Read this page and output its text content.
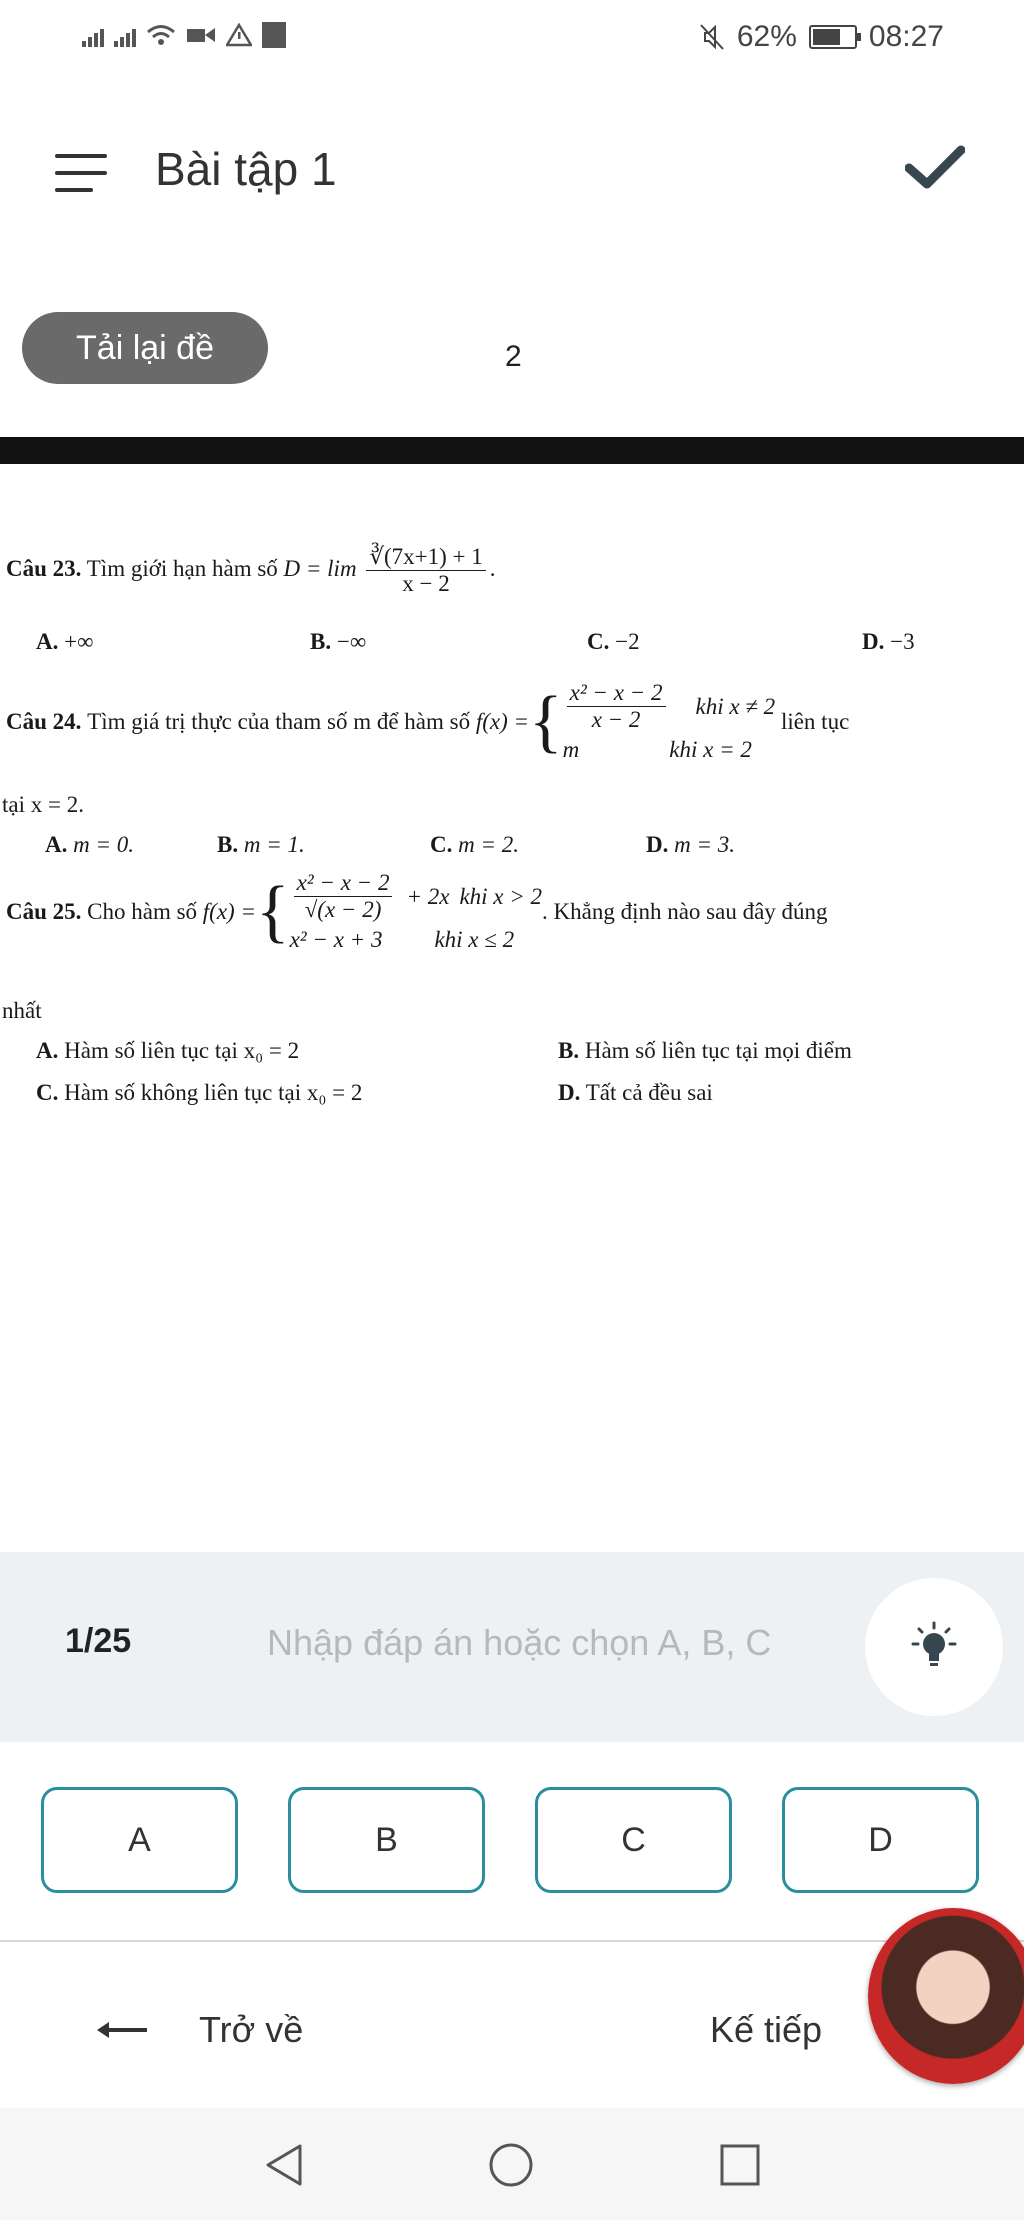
62% 08:27
Bài tập 1
Tải lại đề	2
Câu 23. Tìm giới hạn hàm số $D = \lim \frac{∛(7x+1) + 1}{x - 2}$ .
A. +∞	B. −∞	C. −2	D. −3
Câu 24.
Tìm giá trị thực của tham số m để hàm số
f(x) = { $\frac{\text{x² − x − 2}}{x - 2}$ khi x ≠ 2
m	khi x = 2

liên tục
tại x = 2.
A. m = 0.	B. m = 1.	C. m = 2.	D. m = 3.
Câu 25.
Cho hàm số
f(x) = { $\frac{\text{x² − x − 2}}{√(x - 2)} + 2x$ khi x > 2
x² − x + 3 khi x ≤ 2
. Khẳng định nào sau đây đúng
nhất
A. Hàm số liên tục tại x₀ = 2	B. Hàm số liên tục tại mọi điểm
C. Hàm số không liên tục tại x₀ = 2	D. Tất cả đều sai
1/25
Nhập đáp án hoặc chọn A, B, C
A	B	C	D
Trở về	Kế tiếp
